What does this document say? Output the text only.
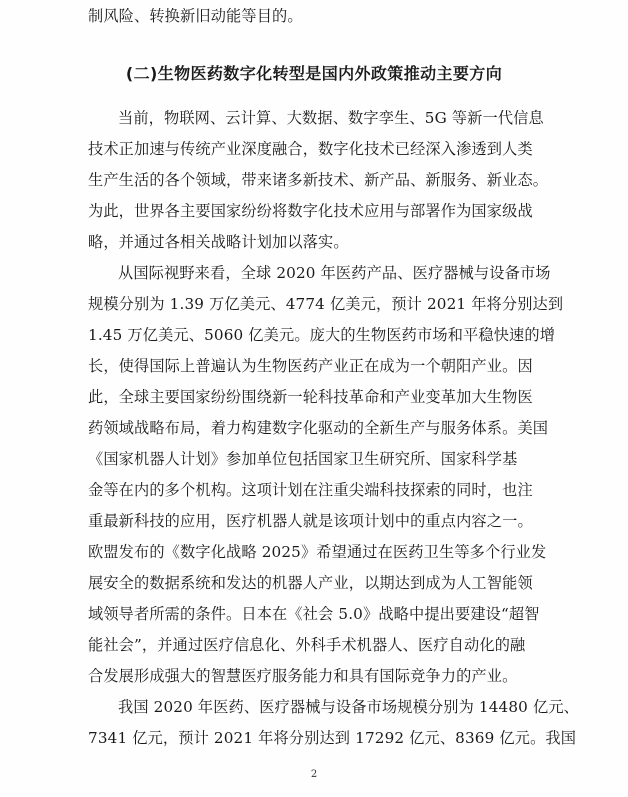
制风险、转换新旧动能等目的。
(二)生物医药数字化转型是国内外政策推动主要方向
当前，物联网、云计算、大数据、数字孪生、5G 等新一代信息
技术正加速与传统产业深度融合，数字化技术已经深入渗透到人类
生产生活的各个领域，带来诸多新技术、新产品、新服务、新业态。
为此，世界各主要国家纷纷将数字化技术应用与部署作为国家级战
略，并通过各相关战略计划加以落实。
从国际视野来看，全球 2020 年医药产品、医疗器械与设备市场
规模分别为 1.39 万亿美元、4774 亿美元，预计 2021 年将分别达到
1.45 万亿美元、5060 亿美元。庞大的生物医药市场和平稳快速的增
长，使得国际上普遍认为生物医药产业正在成为一个朝阳产业。因
此，全球主要国家纷纷围绕新一轮科技革命和产业变革加大生物医
药领域战略布局，着力构建数字化驱动的全新生产与服务体系。美国
《国家机器人计划》参加单位包括国家卫生研究所、国家科学基
金等在内的多个机构。这项计划在注重尖端科技探索的同时，也注
重最新科技的应用，医疗机器人就是该项计划中的重点内容之一。
欧盟发布的《数字化战略 2025》希望通过在医药卫生等多个行业发
展安全的数据系统和发达的机器人产业，以期达到成为人工智能领
域领导者所需的条件。日本在《社会 5.0》战略中提出要建设“超智
能社会”，并通过医疗信息化、外科手术机器人、医疗自动化的融
合发展形成强大的智慧医疗服务能力和具有国际竞争力的产业。
我国 2020 年医药、医疗器械与设备市场规模分别为 14480 亿元、
7341 亿元，预计 2021 年将分别达到 17292 亿元、8369 亿元。我国
2
